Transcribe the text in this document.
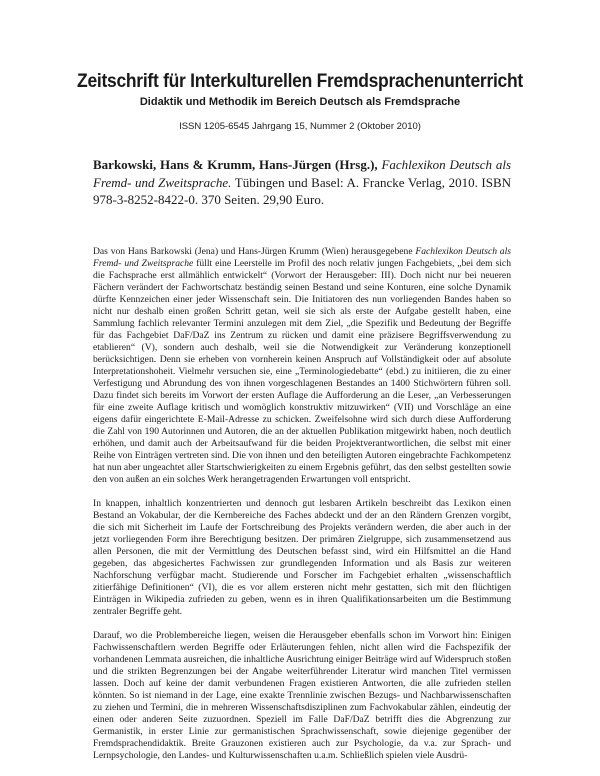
Zeitschrift für Interkulturellen Fremdsprachenunterricht
Didaktik und Methodik im Bereich Deutsch als Fremdsprache
ISSN 1205-6545 Jahrgang 15, Nummer 2 (Oktober 2010)
Barkowski, Hans & Krumm, Hans-Jürgen (Hrsg.), Fachlexikon Deutsch als Fremd- und Zweitsprache. Tübingen und Basel: A. Francke Verlag, 2010. ISBN 978-3-8252-8422-0. 370 Seiten. 29,90 Euro.

Das von Hans Barkowski (Jena) und Hans-Jürgen Krumm (Wien) herausgegebene Fachlexikon Deutsch als Fremd- und Zweitsprache füllt eine Leerstelle im Profil des noch relativ jungen Fachgebiets, „bei dem sich die Fachsprache erst allmählich entwickelt“ (Vorwort der Herausgeber: III). Doch nicht nur bei neueren Fächern verändert der Fachwortschatz beständig seinen Bestand und seine Konturen, eine solche Dynamik dürfte Kennzeichen einer jeder Wissenschaft sein. Die Initiatoren des nun vorliegenden Bandes haben so nicht nur deshalb einen großen Schritt getan, weil sie sich als erste der Aufgabe gestellt haben, eine Sammlung fachlich relevanter Termini anzulegen mit dem Ziel, „die Spezifik und Bedeutung der Begriffe für das Fachgebiet DaF/DaZ ins Zentrum zu rücken und damit eine präzisere Begriffsverwendung zu etablieren“ (V), sondern auch deshalb, weil sie die Notwendigkeit zur Veränderung konzeptionell berücksichtigen. Denn sie erheben von vornherein keinen Anspruch auf Vollständigkeit oder auf absolute Interpretationshoheit. Vielmehr versuchen sie, eine „Terminologiedebatte“ (ebd.) zu initiieren, die zu einer Verfestigung und Abrundung des von ihnen vorgeschlagenen Bestandes an 1400 Stichwörtern führen soll. Dazu findet sich bereits im Vorwort der ersten Auflage die Aufforderung an die Leser, „an Verbesserungen für eine zweite Auflage kritisch und womöglich konstruktiv mitzuwirken“ (VII) und Vorschläge an eine eigens dafür eingerichtete E-Mail-Adresse zu schicken. Zweifelsohne wird sich durch diese Aufforderung die Zahl von 190 Autorinnen und Autoren, die an der aktuellen Publikation mitgewirkt haben, noch deutlich erhöhen, und damit auch der Arbeitsaufwand für die beiden Projektverantwortlichen, die selbst mit einer Reihe von Einträgen vertreten sind. Die von ihnen und den beteiligten Autoren eingebrachte Fachkompetenz hat nun aber ungeachtet aller Startschwierigkeiten zu einem Ergebnis geführt, das den selbst gestellten sowie den von außen an ein solches Werk herangetragenden Erwartungen voll entspricht.

In knappen, inhaltlich konzentrierten und dennoch gut lesbaren Artikeln beschreibt das Lexikon einen Bestand an Vokabular, der die Kernbereiche des Faches abdeckt und der an den Rändern Grenzen vorgibt, die sich mit Sicherheit im Laufe der Fortschreibung des Projekts verändern werden, die aber auch in der jetzt vorliegenden Form ihre Berechtigung besitzen. Der primären Zielgruppe, sich zusammensetzend aus allen Personen, die mit der Vermittlung des Deutschen befasst sind, wird ein Hilfsmittel an die Hand gegeben, das abgesichertes Fachwissen zur grundlegenden Information und als Basis zur weiteren Nachforschung verfügbar macht. Studierende und Forscher im Fachgebiet erhalten „wissenschaftlich zitierfähige Definitionen“ (VI), die es vor allem ersteren nicht mehr gestatten, sich mit den flüchtigen Einträgen in Wikipedia zufrieden zu geben, wenn es in ihren Qualifikationsarbeiten um die Bestimmung zentraler Begriffe geht.

Darauf, wo die Problembereiche liegen, weisen die Herausgeber ebenfalls schon im Vorwort hin: Einigen Fachwissenschaftlern werden Begriffe oder Erläuterungen fehlen, nicht allen wird die Fachspezifik der vorhandenen Lemmata ausreichen, die inhaltliche Ausrichtung einiger Beiträge wird auf Widerspruch stoßen und die strikten Begrenzungen bei der Angabe weiterführender Literatur wird manchen Titel vermissen lassen. Doch auf keine der damit verbundenen Fragen existieren Antworten, die alle zufrieden stellen könnten. So ist niemand in der Lage, eine exakte Trennlinie zwischen Bezugs- und Nachbarwissenschaften zu ziehen und Termini, die in mehreren Wissenschaftsdisziplinen zum Fachvokabular zählen, eindeutig der einen oder anderen Seite zuzuordnen. Speziell im Falle DaF/DaZ betrifft dies die Abgrenzung zur Germanistik, in erster Linie zur germanistischen Sprachwissenschaft, sowie diejenige gegenüber der Fremdsprachendidaktik. Breite Grauzonen existieren auch zur Psychologie, da v.a. zur Sprach- und Lernpsychologie, den Landes- und Kulturwissenschaften u.a.m. Schließlich spielen viele Ausdrü-
